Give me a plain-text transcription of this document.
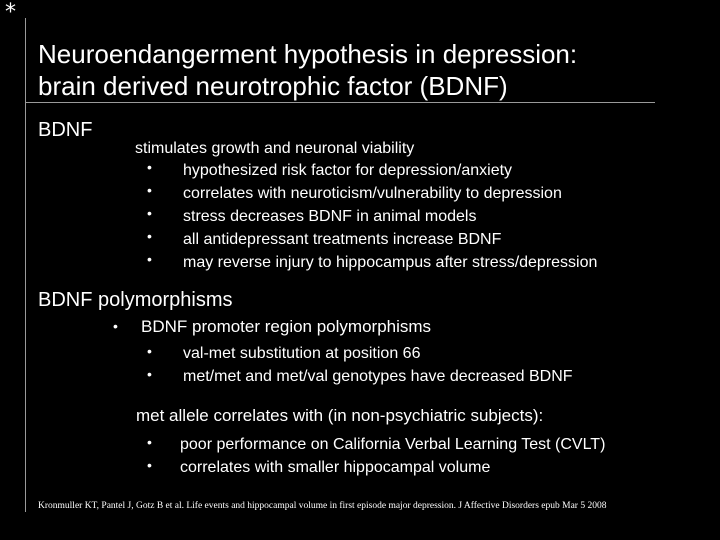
*
Neuroendangerment hypothesis in depression:
brain derived neurotrophic factor (BDNF)
BDNF
stimulates growth and neuronal viability
• hypothesized risk factor for depression/anxiety
• correlates with neuroticism/vulnerability to depression
• stress decreases BDNF in animal models
• all antidepressant treatments increase BDNF
• may reverse injury to hippocampus after stress/depression
BDNF polymorphisms
• BDNF promoter region polymorphisms
• val-met substitution at position 66
• met/met and met/val genotypes have decreased BDNF
met allele correlates with (in non-psychiatric subjects):
• poor performance on California Verbal Learning Test (CVLT)
• correlates with smaller hippocampal volume
Kronmuller KT, Pantel J, Gotz B et al. Life events and hippocampal volume in first episode major depression. J Affective Disorders epub Mar 5 2008
